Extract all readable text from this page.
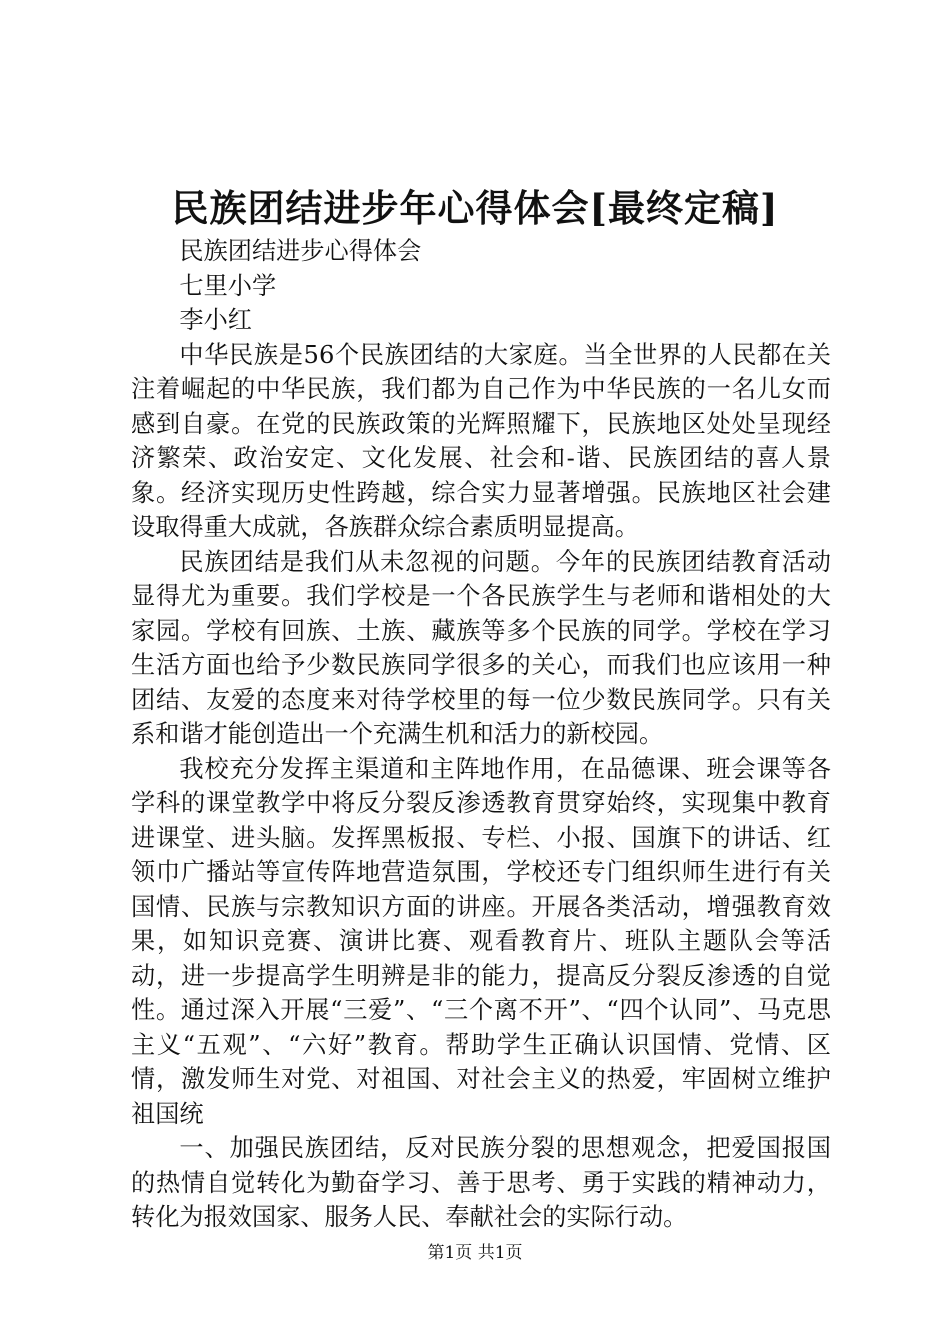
民族团结进步年心得体会[最终定稿]

民族团结进步心得体会

七里小学

李小红

中华民族是56个民族团结的大家庭。当全世界的人民都在关注着崛起的中华民族，我们都为自己作为中华民族的一名儿女而感到自豪。在党的民族政策的光辉照耀下，民族地区处处呈现经济繁荣、政治安定、文化发展、社会和-谐、民族团结的喜人景象。经济实现历史性跨越，综合实力显著增强。民族地区社会建设取得重大成就，各族群众综合素质明显提高。

民族团结是我们从未忽视的问题。今年的民族团结教育活动显得尤为重要。我们学校是一个各民族学生与老师和谐相处的大家园。学校有回族、土族、藏族等多个民族的同学。学校在学习生活方面也给予少数民族同学很多的关心，而我们也应该用一种团结、友爱的态度来对待学校里的每一位少数民族同学。只有关系和谐才能创造出一个充满生机和活力的新校园。

我校充分发挥主渠道和主阵地作用，在品德课、班会课等各学科的课堂教学中将反分裂反渗透教育贯穿始终，实现集中教育进课堂、进头脑。发挥黑板报、专栏、小报、国旗下的讲话、红领巾广播站等宣传阵地营造氛围，学校还专门组织师生进行有关国情、民族与宗教知识方面的讲座。开展各类活动，增强教育效果，如知识竞赛、演讲比赛、观看教育片、班队主题队会等活动，进一步提高学生明辨是非的能力，提高反分裂反渗透的自觉性。通过深入开展“三爱”、“三个离不开”、“四个认同”、马克思主义“五观”、“六好”教育。帮助学生正确认识国情、党情、区情，激发师生对党、对祖国、对社会主义的热爱，牢固树立维护祖国统

一、加强民族团结，反对民族分裂的思想观念，把爱国报国的热情自觉转化为勤奋学习、善于思考、勇于实践的精神动力，转化为报效国家、服务人民、奉献社会的实际行动。

第1页 共1页
